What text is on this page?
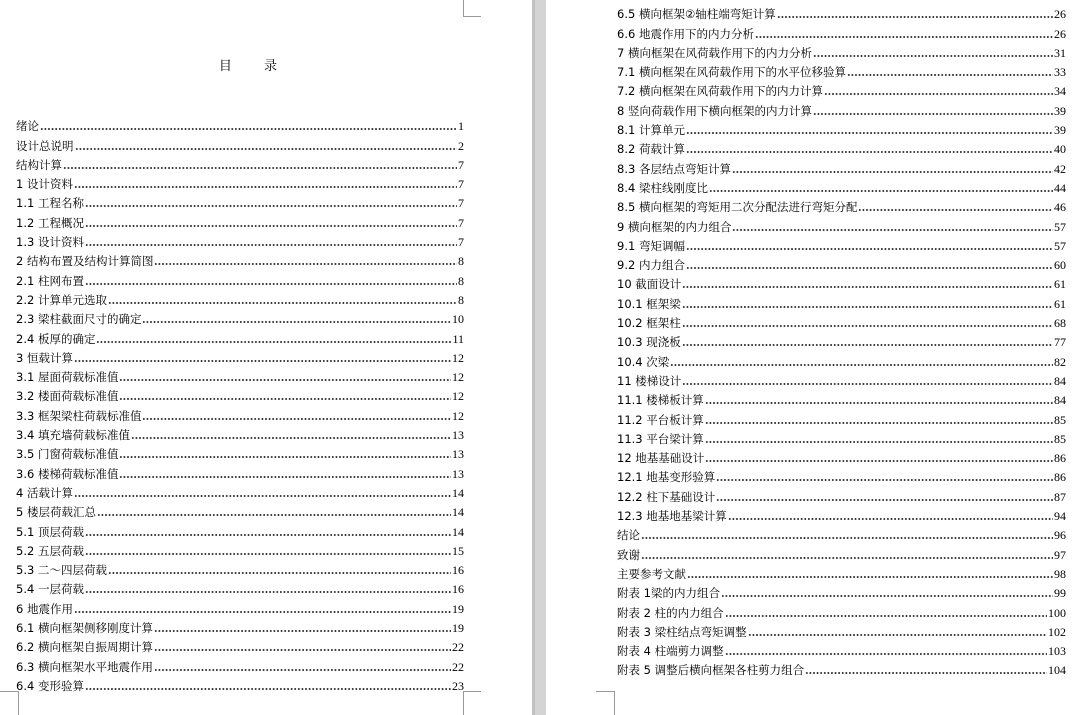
目 录
绪论	1
设计总说明	2
结构计算	7
1 设计资料	7
1.1 工程名称	7
1.2 工程概况	7
1.3 设计资料	7
2 结构布置及结构计算简图	8
2.1 柱网布置	8
2.2 计算单元选取	8
2.3 梁柱截面尺寸的确定	10
2.4 板厚的确定	11
3 恒载计算	12
3.1 屋面荷载标准值	12
3.2 楼面荷载标准值	12
3.3 框架梁柱荷载标准值	12
3.4 填充墙荷载标准值	13
3.5 门窗荷载标准值	13
3.6 楼梯荷载标准值	13
4 活载计算	14
5 楼层荷载汇总	14
5.1 顶层荷载	14
5.2 五层荷载	15
5.3 二～四层荷载	16
5.4 一层荷载	16
6 地震作用	19
6.1 横向框架侧移刚度计算	19
6.2 横向框架自振周期计算	22
6.3 横向框架水平地震作用	22
6.4 变形验算	23
6.5 横向框架②轴柱端弯矩计算	26
6.6 地震作用下的内力分析	26
7 横向框架在风荷载作用下的内力分析	31
7.1 横向框架在风荷载作用下的水平位移验算	33
7.2 横向框架在风荷载作用下的内力计算	34
8 竖向荷载作用下横向框架的内力计算	39
8.1 计算单元	39
8.2 荷载计算	40
8.3 各层结点弯矩计算	42
8.4 梁柱线刚度比	44
8.5 横向框架的弯矩用二次分配法进行弯矩分配	46
9 横向框架的内力组合	57
9.1 弯矩调幅	57
9.2 内力组合	60
10 截面设计	61
10.1 框架梁	61
10.2 框架柱	68
10.3 现浇板	77
10.4 次梁	82
11 楼梯设计	84
11.1 楼梯板计算	84
11.2 平台板计算	85
11.3 平台梁计算	85
12 地基基础设计	86
12.1 地基变形验算	86
12.2 柱下基础设计	87
12.3 地基地基梁计算	94
结论	96
致谢	97
主要参考文献	98
附表 1梁的内力组合	99
附表 2 柱的内力组合	100
附表 3 梁柱结点弯矩调整	102
附表 4 柱端剪力调整	103
附表 5 调整后横向框架各柱剪力组合	104
